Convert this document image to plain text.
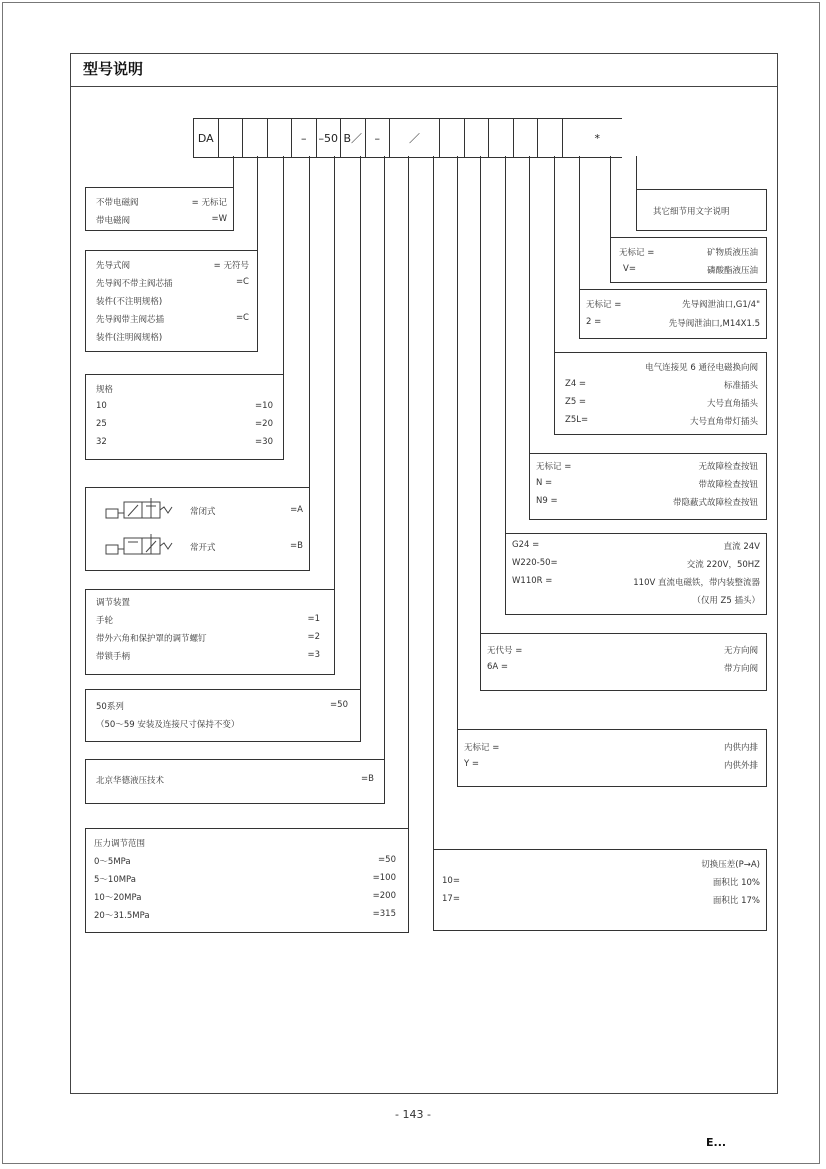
型号说明
DA	–	–50 B／	–	／	*
不带电磁阀	= 无标记
带电磁阀	=W
先导式阀	= 无符号
先导阀不带主阀芯插	=C
装件(不注明规格)
先导阀带主阀芯插	=C
装件(注明阀规格)
规格
10	=10
25	=20
32	=30
常闭式	=A
常开式	=B
调节装置
手轮	=1
带外六角和保护罩的调节螺钉	=2
带锁手柄	=3
50系列	=50
（50～59 安装及连接尺寸保持不变）
北京华德液压技术	=B
压力调节范围
0～5MPa	=50
5～10MPa	=100
10～20MPa	=200
20～31.5MPa	=315
其它细节用文字说明
无标记 =	矿物质液压油
V=	磷酸酯液压油
无标记 =	先导阀泄油口,G1/4"
2 =	先导阀泄油口,M14X1.5
电气连接见 6 通径电磁换向阀
Z4 =	标准插头
Z5 =	大号直角插头
Z5L=	大号直角带灯插头
无标记 =	无故障检查按钮
N =	带故障检查按钮
N9 =	带隐蔽式故障检查按钮
G24 =	直流 24V
W220-50=	交流 220V，50HZ
W110R =	110V 直流电磁铁，带内装整流器
（仅用 Z5 插头）
无代号 =	无方向阀
6A =	带方向阀
无标记 =	内供内排
Y =	内供外排
切换压差(P→A)
10=	面积比 10%
17=	面积比 17%
- 143 -
E...
